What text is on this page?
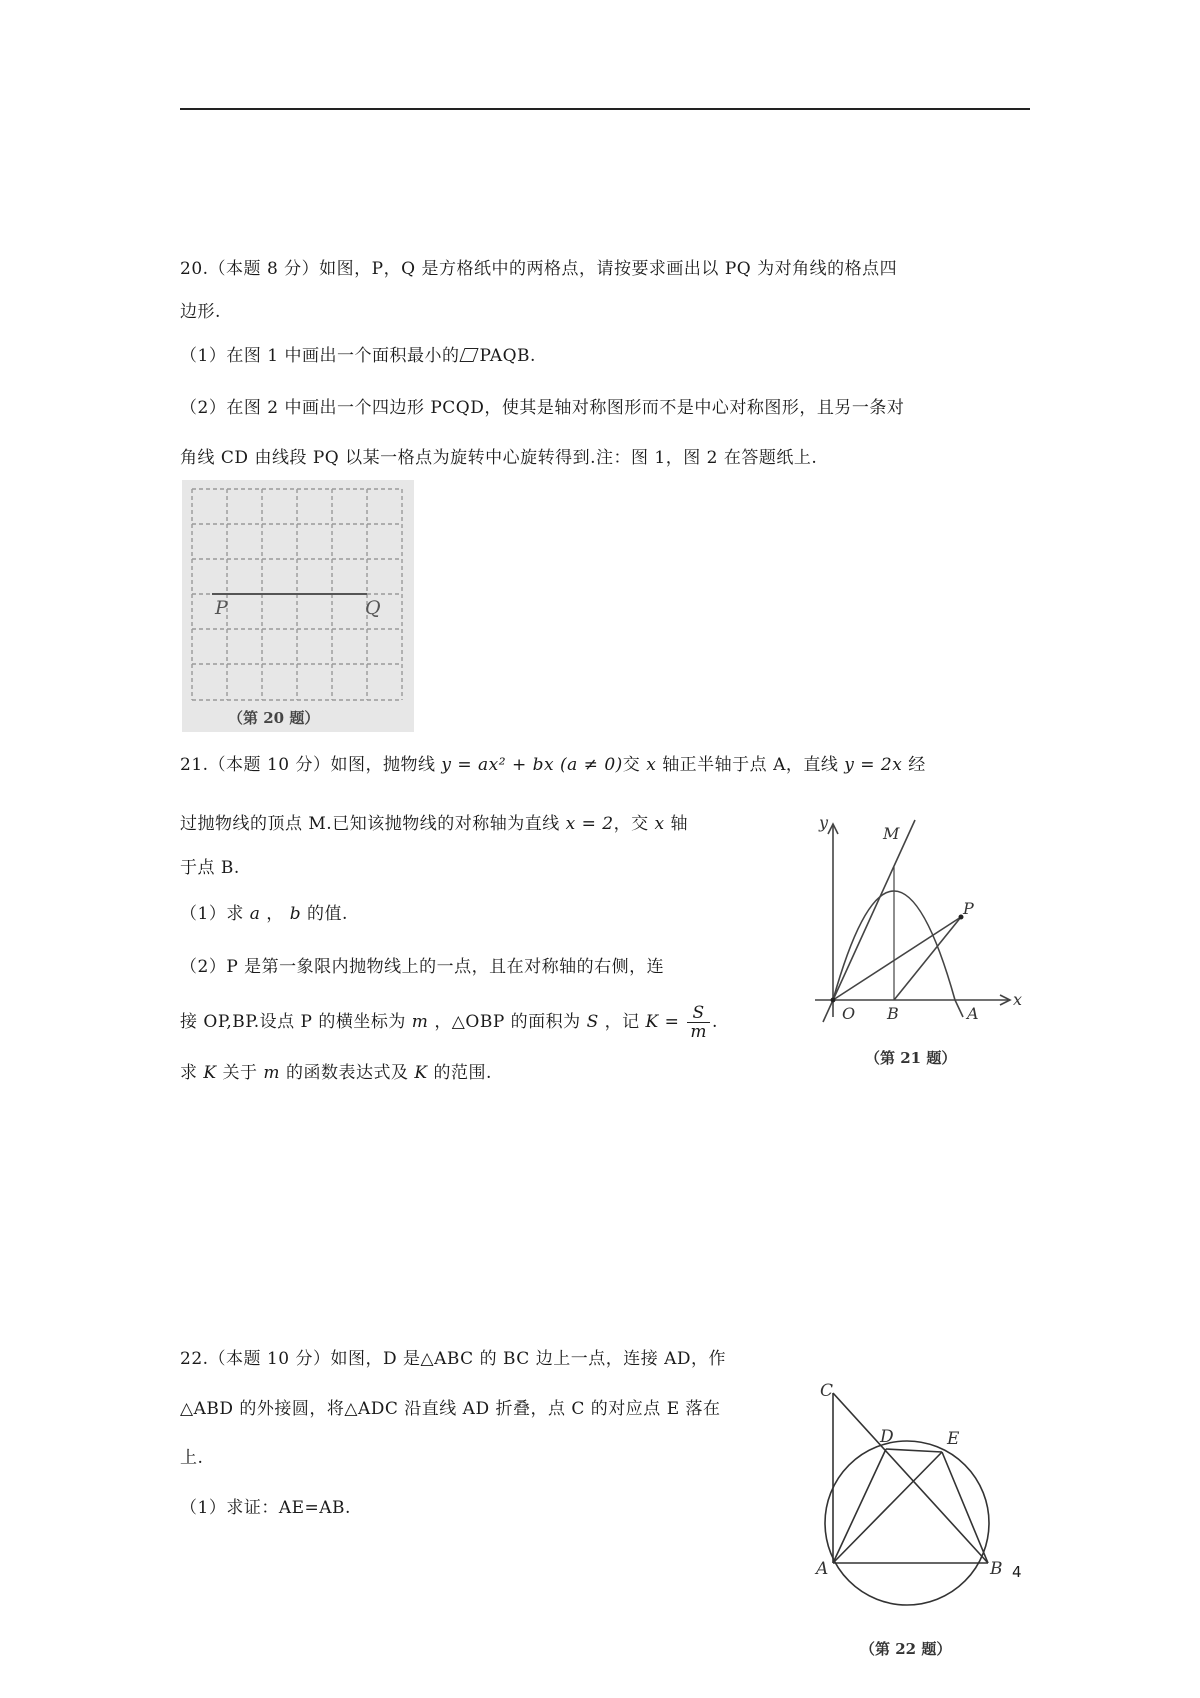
20.（本题 8 分）如图，P，Q 是方格纸中的两格点，请按要求画出以 PQ 为对角线的格点四
边形.
（1）在图 1 中画出一个面积最小的 PAQB.
（2）在图 2 中画出一个四边形 PCQD，使其是轴对称图形而不是中心对称图形，且另一条对
角线 CD 由线段 PQ 以某一格点为旋转中心旋转得到.注：图 1，图 2 在答题纸上.
P	Q
（第 20 题）
21.（本题 10 分）如图，抛物线 y = ax² + bx (a ≠ 0)交 x 轴正半轴于点 A，直线 y = 2x 经
过抛物线的顶点 M.已知该抛物线的对称轴为直线 x = 2，交 x 轴
于点 B.
（1）求 a ， b 的值.
（2）P 是第一象限内抛物线上的一点，且在对称轴的右侧，连
接 OP,BP.设点 P 的横坐标为 m ，△OBP 的面积为 S ，记 $K = \frac{S}{m}$ .
求 K 关于 m 的函数表达式及 K 的范围.
y
x
M
P
O B	A
（第 21 题）
22.（本题 10 分）如图，D 是△ABC 的 BC 边上一点，连接 AD，作
△ABD 的外接圆，将△ADC 沿直线 AD 折叠，点 C 的对应点 E 落在
上.
（1）求证：AE=AB.
C
D	E
A	B
（第 22 题）
4
